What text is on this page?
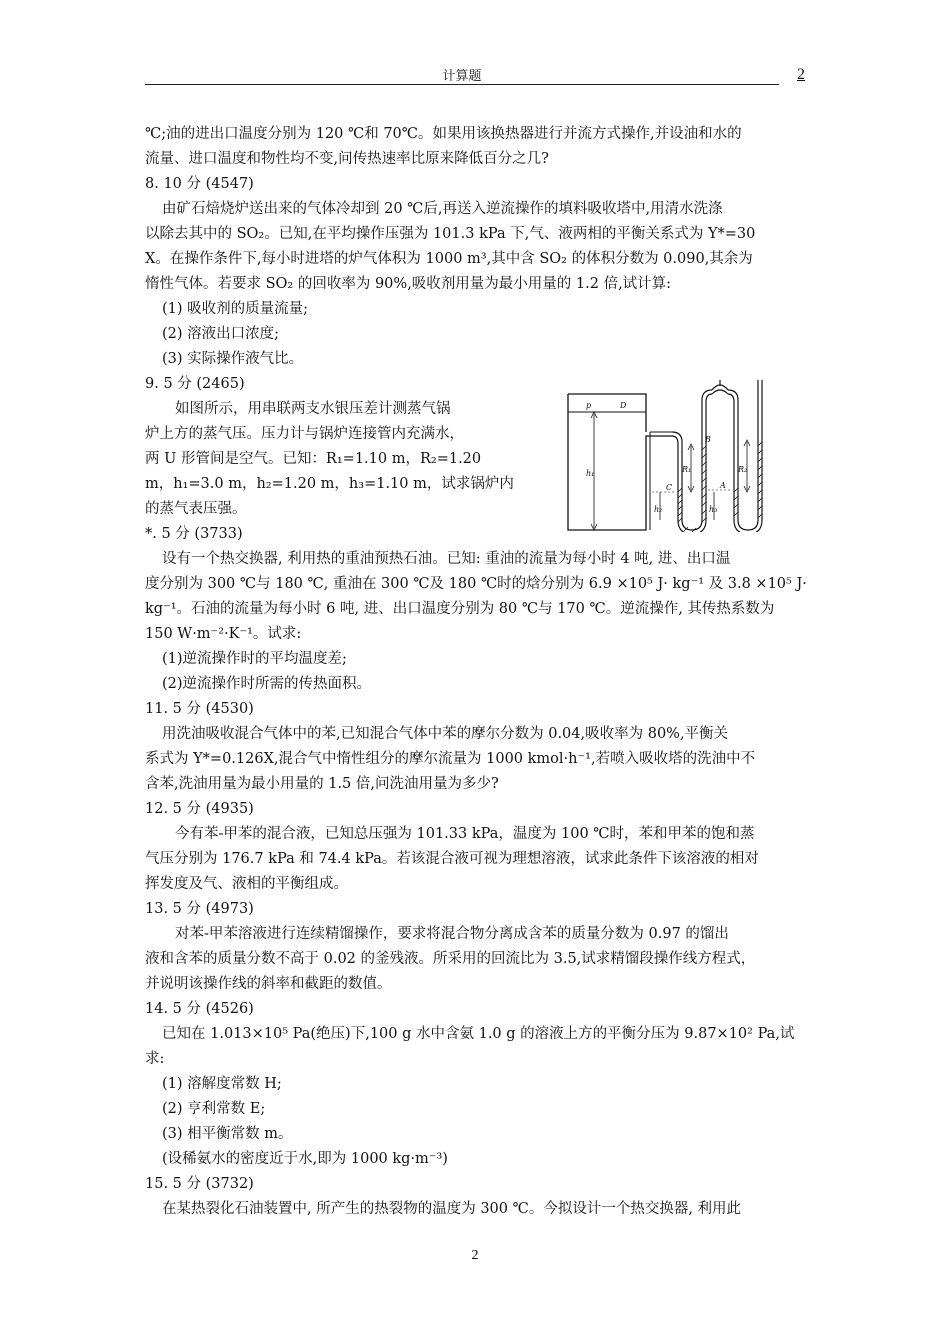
计算题	2
℃;油的进出口温度分别为 120 ℃和 70℃。如果用该换热器进行并流方式操作,并设油和水的
流量、进口温度和物性均不变,问传热速率比原来降低百分之几?
8. 10 分 (4547)
由矿石焙烧炉送出来的气体冷却到 20 ℃后,再送入逆流操作的填料吸收塔中,用清水洗涤
以除去其中的 SO₂。已知,在平均操作压强为 101.3 kPa 下,气、液两相的平衡关系式为 Y*=30
X。在操作条件下,每小时进塔的炉气体积为 1000 m³,其中含 SO₂ 的体积分数为 0.090,其余为
惰性气体。若要求 SO₂ 的回收率为 90%,吸收剂用量为最小用量的 1.2 倍,试计算:
(1) 吸收剂的质量流量;
(2) 溶液出口浓度;
(3) 实际操作液气比。
9. 5 分 (2465)
如图所示，用串联两支水银压差计测蒸气锅
炉上方的蒸气压。压力计与锅炉连接管内充满水，
两 U 形管间是空气。已知：R₁=1.10 m，R₂=1.20
m，h₁=3.0 m，h₂=1.20 m，h₃=1.10 m，试求锅炉内
的蒸气表压强。
*. 5 分 (3733)
设有一个热交换器, 利用热的重油预热石油。已知: 重油的流量为每小时 4 吨, 进、出口温
度分别为 300 ℃与 180 ℃, 重油在 300 ℃及 180 ℃时的焓分别为 6.9 ×10⁵ J· kg⁻¹ 及 3.8 ×10⁵ J·
kg⁻¹。石油的流量为每小时 6 吨, 进、出口温度分别为 80 ℃与 170 ℃。逆流操作, 其传热系数为
150 W·m⁻²·K⁻¹。试求:
(1)逆流操作时的平均温度差;
(2)逆流操作时所需的传热面积。
11. 5 分 (4530)
用洗油吸收混合气体中的苯,已知混合气体中苯的摩尔分数为 0.04,吸收率为 80%,平衡关
系式为 Y*=0.126X,混合气中惰性组分的摩尔流量为 1000 kmol·h⁻¹,若喷入吸收塔的洗油中不
含苯,洗油用量为最小用量的 1.5 倍,问洗油用量为多少?
12. 5 分 (4935)
今有苯-甲苯的混合液，已知总压强为 101.33 kPa，温度为 100 ℃时，苯和甲苯的饱和蒸
气压分别为 176.7 kPa 和 74.4 kPa。若该混合液可视为理想溶液，试求此条件下该溶液的相对
挥发度及气、液相的平衡组成。
13. 5 分 (4973)
对苯-甲苯溶液进行连续精馏操作，要求将混合物分离成含苯的质量分数为 0.97 的馏出
液和含苯的质量分数不高于 0.02 的釜残液。所采用的回流比为 3.5,试求精馏段操作线方程式，
并说明该操作线的斜率和截距的数值。
14. 5 分 (4526)
已知在 1.013×10⁵ Pa(绝压)下,100 g 水中含氨 1.0 g 的溶液上方的平衡分压为 9.87×10² Pa,试
求:
(1) 溶解度常数 H;
(2) 亨利常数 E;
(3) 相平衡常数 m。
(设稀氨水的密度近于水,即为 1000 kg·m⁻³)
15. 5 分 (3732)
在某热裂化石油装置中, 所产生的热裂物的温度为 300 ℃。今拟设计一个热交换器, 利用此
p	D
B
C	A
R₁	R₂
h₁
h₂	h₃
2
